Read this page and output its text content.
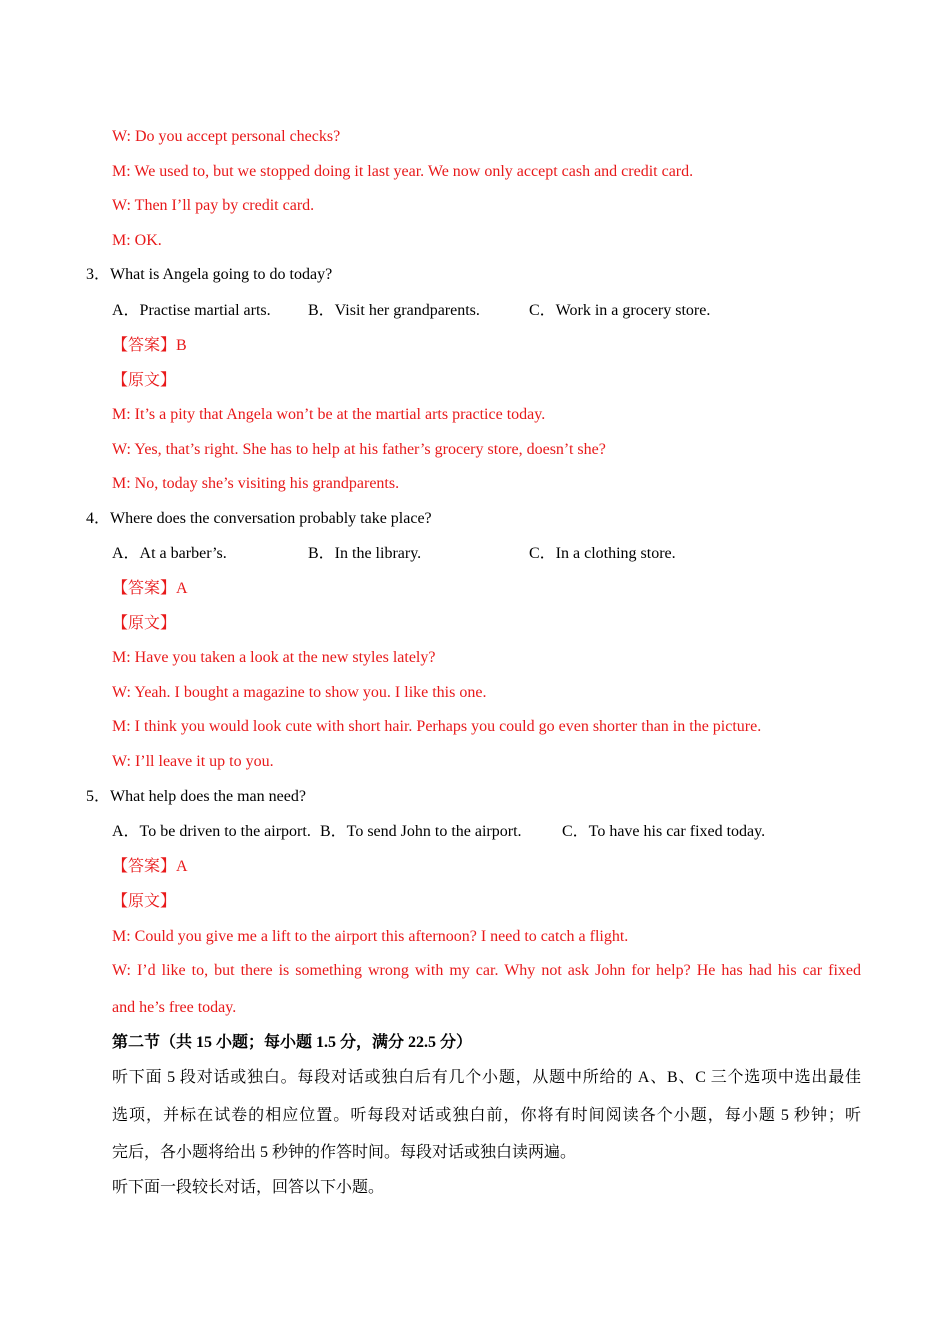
W: Do you accept personal checks?
M: We used to, but we stopped doing it last year. We now only accept cash and credit card.
W: Then I’ll pay by credit card.
M: OK.
3．What is Angela going to do today?
A．Practise martial arts. B．Visit her grandparents.	C．Work in a grocery store.
【答案】B
【原文】
M: It’s a pity that Angela won’t be at the martial arts practice today.
W: Yes, that’s right. She has to help at his father’s grocery store, doesn’t she?
M: No, today she’s visiting his grandparents.
4．Where does the conversation probably take place?
A．At a barber’s.	B．In the library.	C．In a clothing store.
【答案】A
【原文】
M: Have you taken a look at the new styles lately?
W: Yeah. I bought a magazine to show you. I like this one.
M: I think you would look cute with short hair. Perhaps you could go even shorter than in the picture.
W: I’ll leave it up to you.
5．What help does the man need?
A．To be driven to the airport. B．To send John to the airport.	C．To have his car fixed today.
【答案】A
【原文】
M: Could you give me a lift to the airport this afternoon? I need to catch a flight.
W: I’d like to, but there is something wrong with my car. Why not ask John for help? He has had his car fixed
and he’s free today.
第二节（共 15 小题；每小题 1.5 分，满分 22.5 分）
听下面 5 段对话或独白。每段对话或独白后有几个小题，从题中所给的 A、B、C 三个选项中选出最佳
选项，并标在试卷的相应位置。听每段对话或独白前，你将有时间阅读各个小题，每小题 5 秒钟；听
完后，各小题将给出 5 秒钟的作答时间。每段对话或独白读两遍。
听下面一段较长对话，回答以下小题。
